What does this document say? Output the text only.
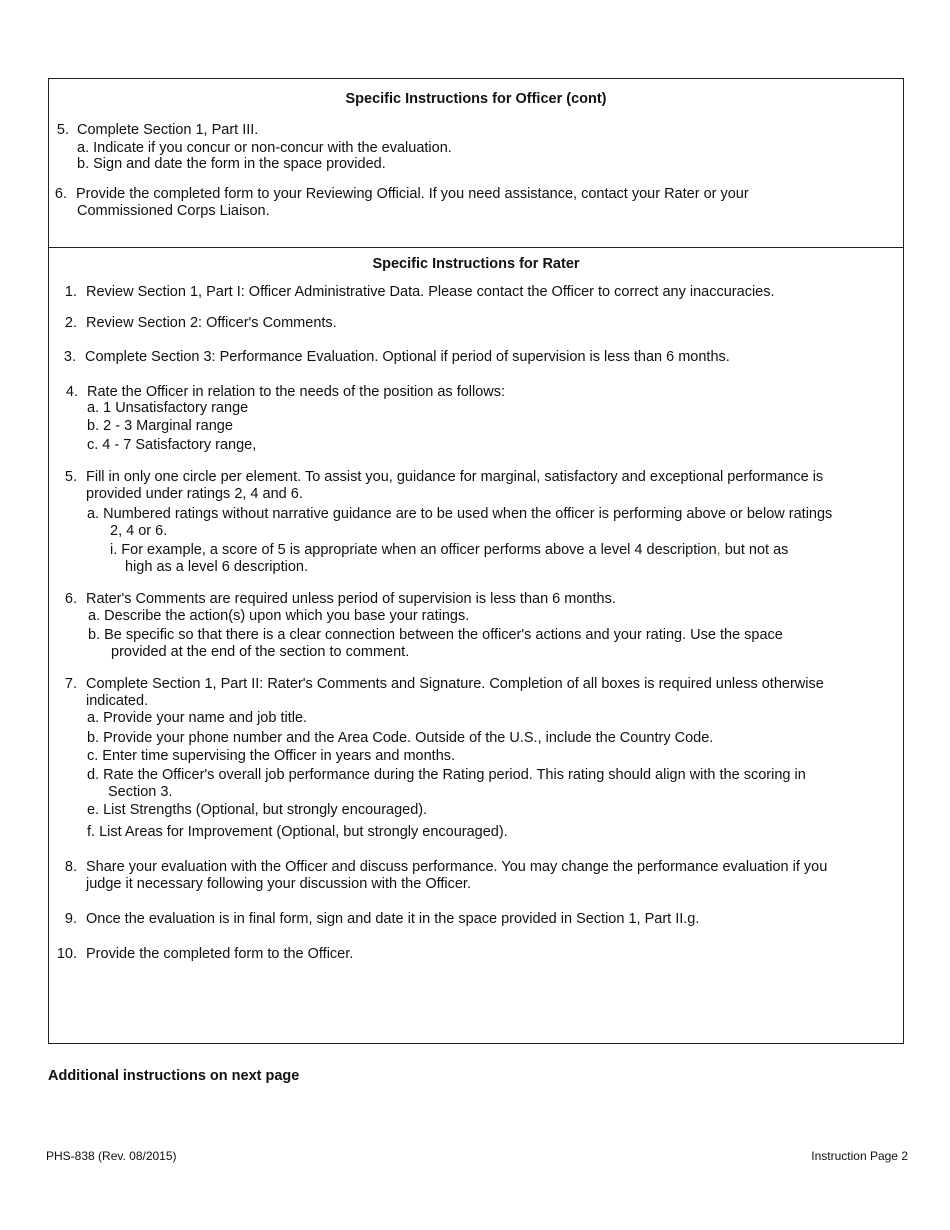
Specific Instructions for Officer (cont)
5. Complete Section 1, Part III.
a. Indicate if you concur or non-concur with the evaluation.
b. Sign and date the form in the space provided.
6. Provide the completed form to your Reviewing Official. If you need assistance, contact your Rater or your
Commissioned Corps Liaison.
Specific Instructions for Rater
1. Review Section 1, Part I: Officer Administrative Data. Please contact the Officer to correct any inaccuracies.
2. Review Section 2: Officer's Comments.
3. Complete Section 3: Performance Evaluation. Optional if period of supervision is less than 6 months.
4. Rate the Officer in relation to the needs of the position as follows:
a. 1 Unsatisfactory range
b. 2 - 3 Marginal range
c. 4 - 7 Satisfactory range,
5. Fill in only one circle per element. To assist you, guidance for marginal, satisfactory and exceptional performance is
provided under ratings 2, 4 and 6.
a. Numbered ratings without narrative guidance are to be used when the officer is performing above or below ratings
2, 4 or 6.
i. For example, a score of 5 is appropriate when an officer performs above a level 4 description, but not as
high as a level 6 description.
6. Rater's Comments are required unless period of supervision is less than 6 months.
a. Describe the action(s) upon which you base your ratings.
b. Be specific so that there is a clear connection between the officer's actions and your rating. Use the space
provided at the end of the section to comment.
7. Complete Section 1, Part II: Rater's Comments and Signature. Completion of all boxes is required unless otherwise
indicated.
a. Provide your name and job title.
b. Provide your phone number and the Area Code. Outside of the U.S., include the Country Code.
c. Enter time supervising the Officer in years and months.
d. Rate the Officer's overall job performance during the Rating period. This rating should align with the scoring in
Section 3.
e. List Strengths (Optional, but strongly encouraged).
f. List Areas for Improvement (Optional, but strongly encouraged).
8. Share your evaluation with the Officer and discuss performance. You may change the performance evaluation if you
judge it necessary following your discussion with the Officer.
9. Once the evaluation is in final form, sign and date it in the space provided in Section 1, Part II.g.
10. Provide the completed form to the Officer.
Additional instructions on next page
PHS-838 (Rev. 08/2015)	Instruction Page 2
